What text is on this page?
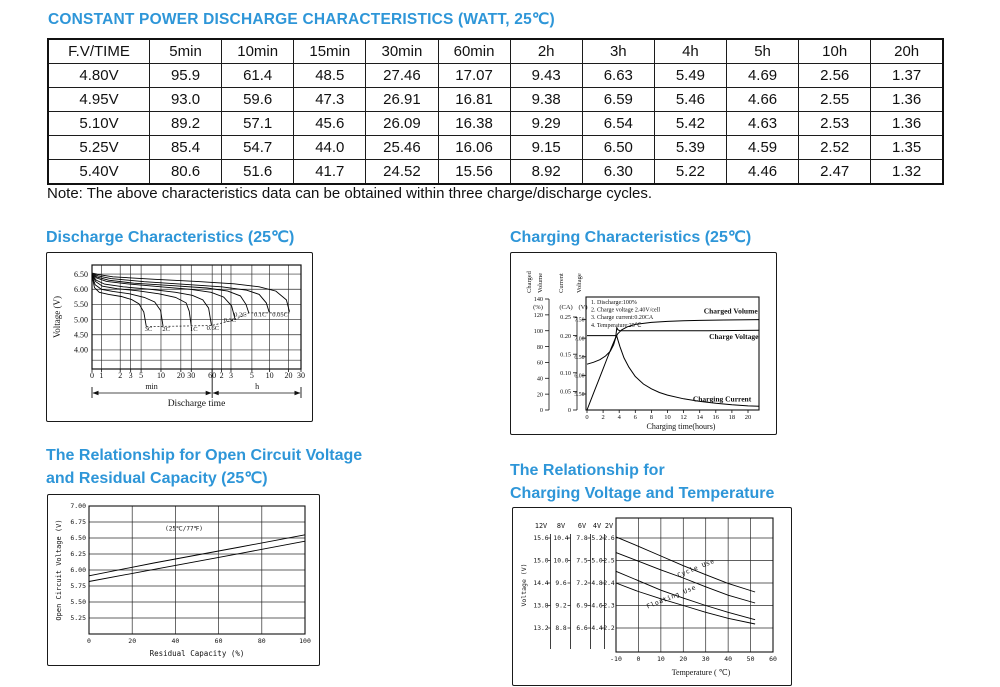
CONSTANT POWER DISCHARGE CHARACTERISTICS (WATT, 25℃)
F.V/TIME	5min	10min	15min	30min	60min	2h	3h	4h	5h	10h	20h
4.80V	95.9	61.4	48.5	27.46	17.07	9.43	6.63	5.49	4.69	2.56	1.37
4.95V	93.0	59.6	47.3	26.91	16.81	9.38	6.59	5.46	4.66	2.55	1.36
5.10V	89.2	57.1	45.6	26.09	16.38	9.29	6.54	5.42	4.63	2.53	1.36
5.25V	85.4	54.7	44.0	25.46	16.06	9.15	6.50	5.39	4.59	2.52	1.35
5.40V	80.6	51.6	41.7	24.52	15.56	8.92	6.30	5.22	4.46	2.47	1.32
Note: The above characteristics data can be obtained within three charge/discharge cycles.
Discharge Characteristics (25℃)
3C 2C	1C 0.6C
0.3C
0.2C 0.1C 0.05C
0 1 2 3 5 10 20 30 60 2 3 5 10 20 30
6.50
6.00
5.50
5.00
4.50
4.00
Voltage (V)
min	h
Discharge time
Charging Characteristics (25℃)
140
120
100
80
60
40
20
0
0.25
0.20
0.15
0.10
0.05
0
7.50
7.00
6.50
6.00
5.50
Charged Volume Current Voltage
(%)	(CA) (V)
1. Discharge:100%
2. Charge voltage 2.40V/cell
3. Charge current:0.20CA
4. Temperature:25℃
Charged Volume
Charge Voltage
Charging Current
0 2 4 6 8 10 12 14 16 18 20
Charging time(hours)
The Relationship for Open Circuit Voltage
and Residual Capacity (25℃)
7.00
6.75
6.50
6.25
6.00
5.75
5.50
5.25
0	20	40	60	80	100
(25℃/77℉)
Residual Capacity (%)
Open Circuit Voltage (V)
The Relationship for
Charging Voltage and Temperature
12V 8V 6V 4V 2V
15.6
15.0
14.4
13.8
13.2
10.4
10.0
9.6
9.2
8.8
7.8
7.5
7.2
6.9
6.6
5.2
5.0
4.8
4.6
4.4
2.6
2.5
2.4
2.3
2.2
-10 0	10 20 30 40 50 60
Temperature ( ℃)
Voltage (V)	Cycle Use
Floating Use
